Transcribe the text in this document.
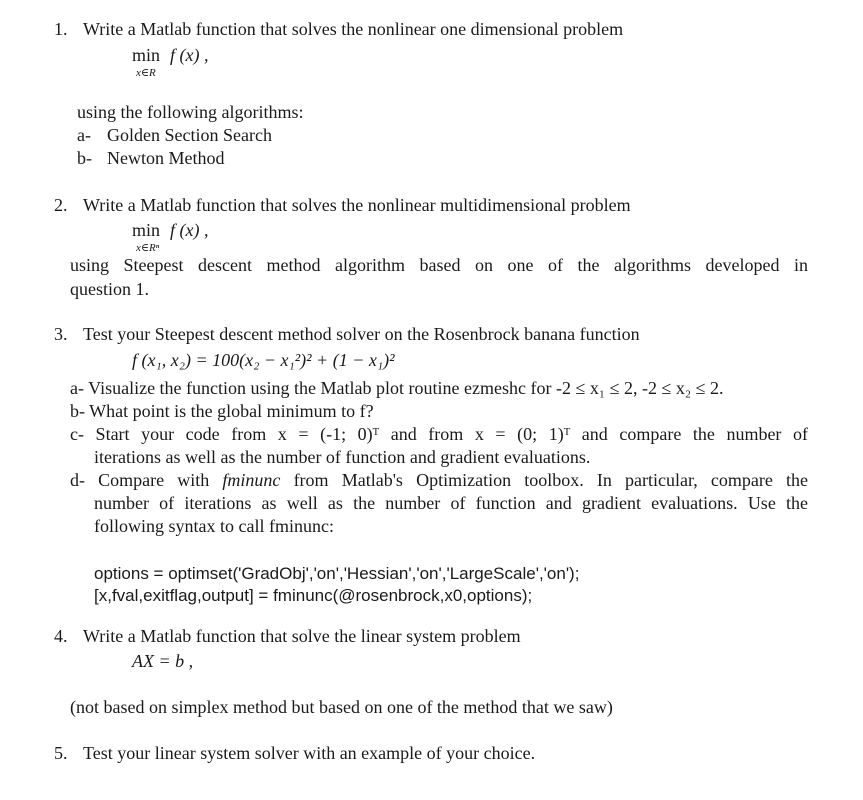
1. Write a Matlab function that solves the nonlinear one dimensional problem
min f (x) ,
x∈R
using the following algorithms:
a- Golden Section Search
b- Newton Method
2. Write a Matlab function that solves the nonlinear multidimensional problem
min f (x) ,
x∈Rⁿ
using Steepest descent method algorithm based on one of the algorithms developed in
question 1.
3. Test your Steepest descent method solver on the Rosenbrock banana function
f (x₁, x₂) = 100(x₂ − x₁²)² + (1 − x₁)²
a- Visualize the function using the Matlab plot routine ezmeshc for -2 ≤ x₁ ≤ 2, -2 ≤ x₂ ≤ 2.
b- What point is the global minimum to f?
c- Start your code from x = (-1; 0)ᵀ and from x = (0; 1)ᵀ and compare the number of
iterations as well as the number of function and gradient evaluations.
d- Compare with fminunc from Matlab's Optimization toolbox. In particular, compare the
number of iterations as well as the number of function and gradient evaluations. Use the
following syntax to call fminunc:
options = optimset('GradObj','on','Hessian','on','LargeScale','on');
[x,fval,exitflag,output] = fminunc(@rosenbrock,x0,options);
4. Write a Matlab function that solve the linear system problem
AX = b ,
(not based on simplex method but based on one of the method that we saw)
5. Test your linear system solver with an example of your choice.
